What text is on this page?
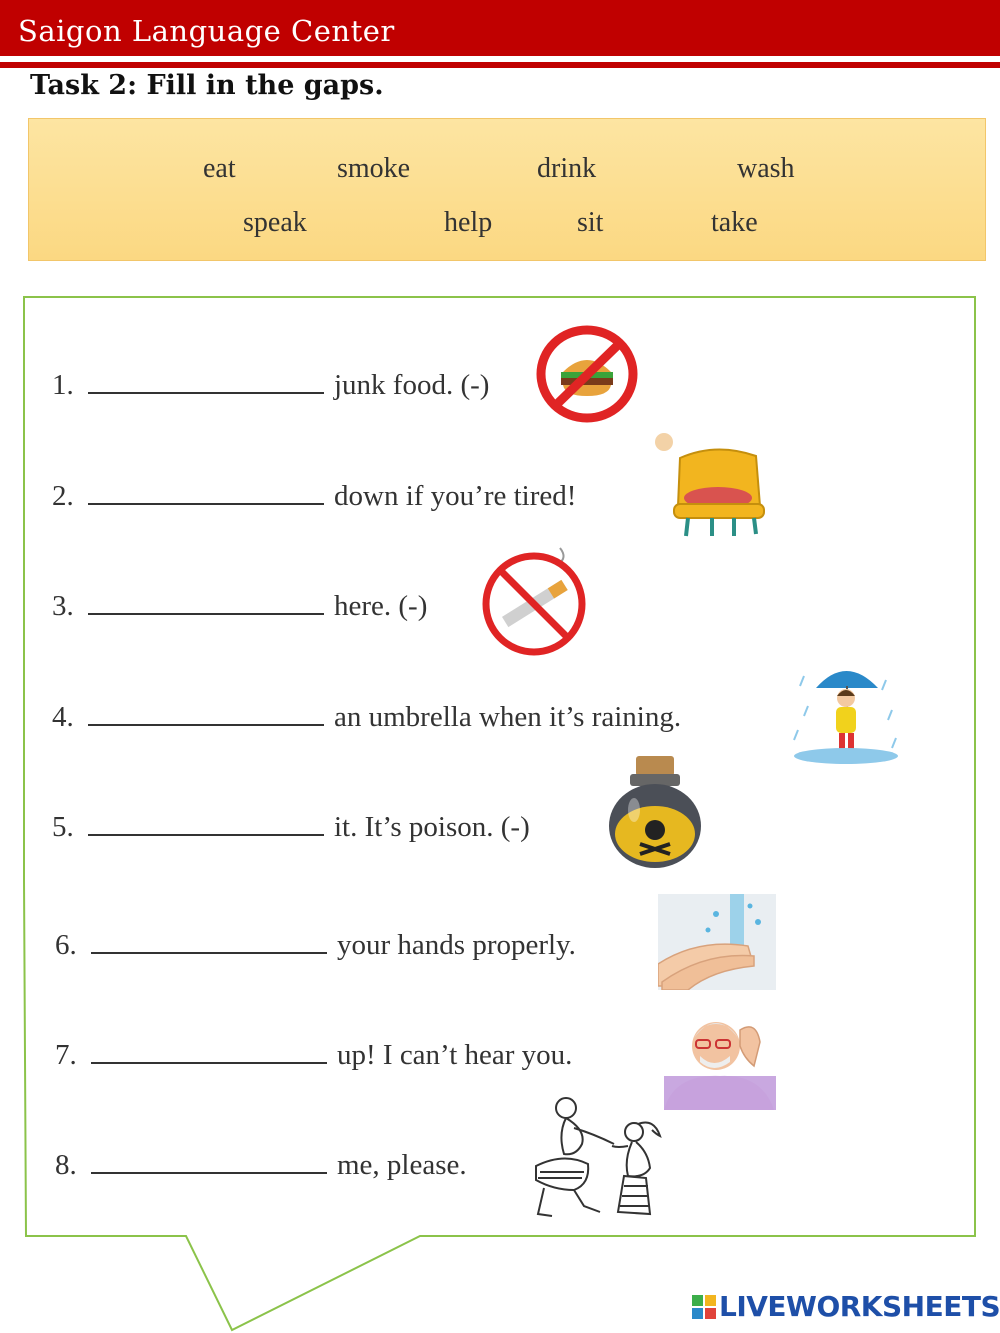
Saigon Language Center
Task 2: Fill in the gaps.
eat	smoke	drink	wash
speak	help	sit	take
1.	junk food. (-)
2.	down if you’re tired!
3.	here. (-)
4.	an umbrella when it’s raining.
5.	it. It’s poison. (-)
6.	your hands properly.
7.	up! I can’t hear you.
8.	me, please.
LIVEWORKSHEETS
